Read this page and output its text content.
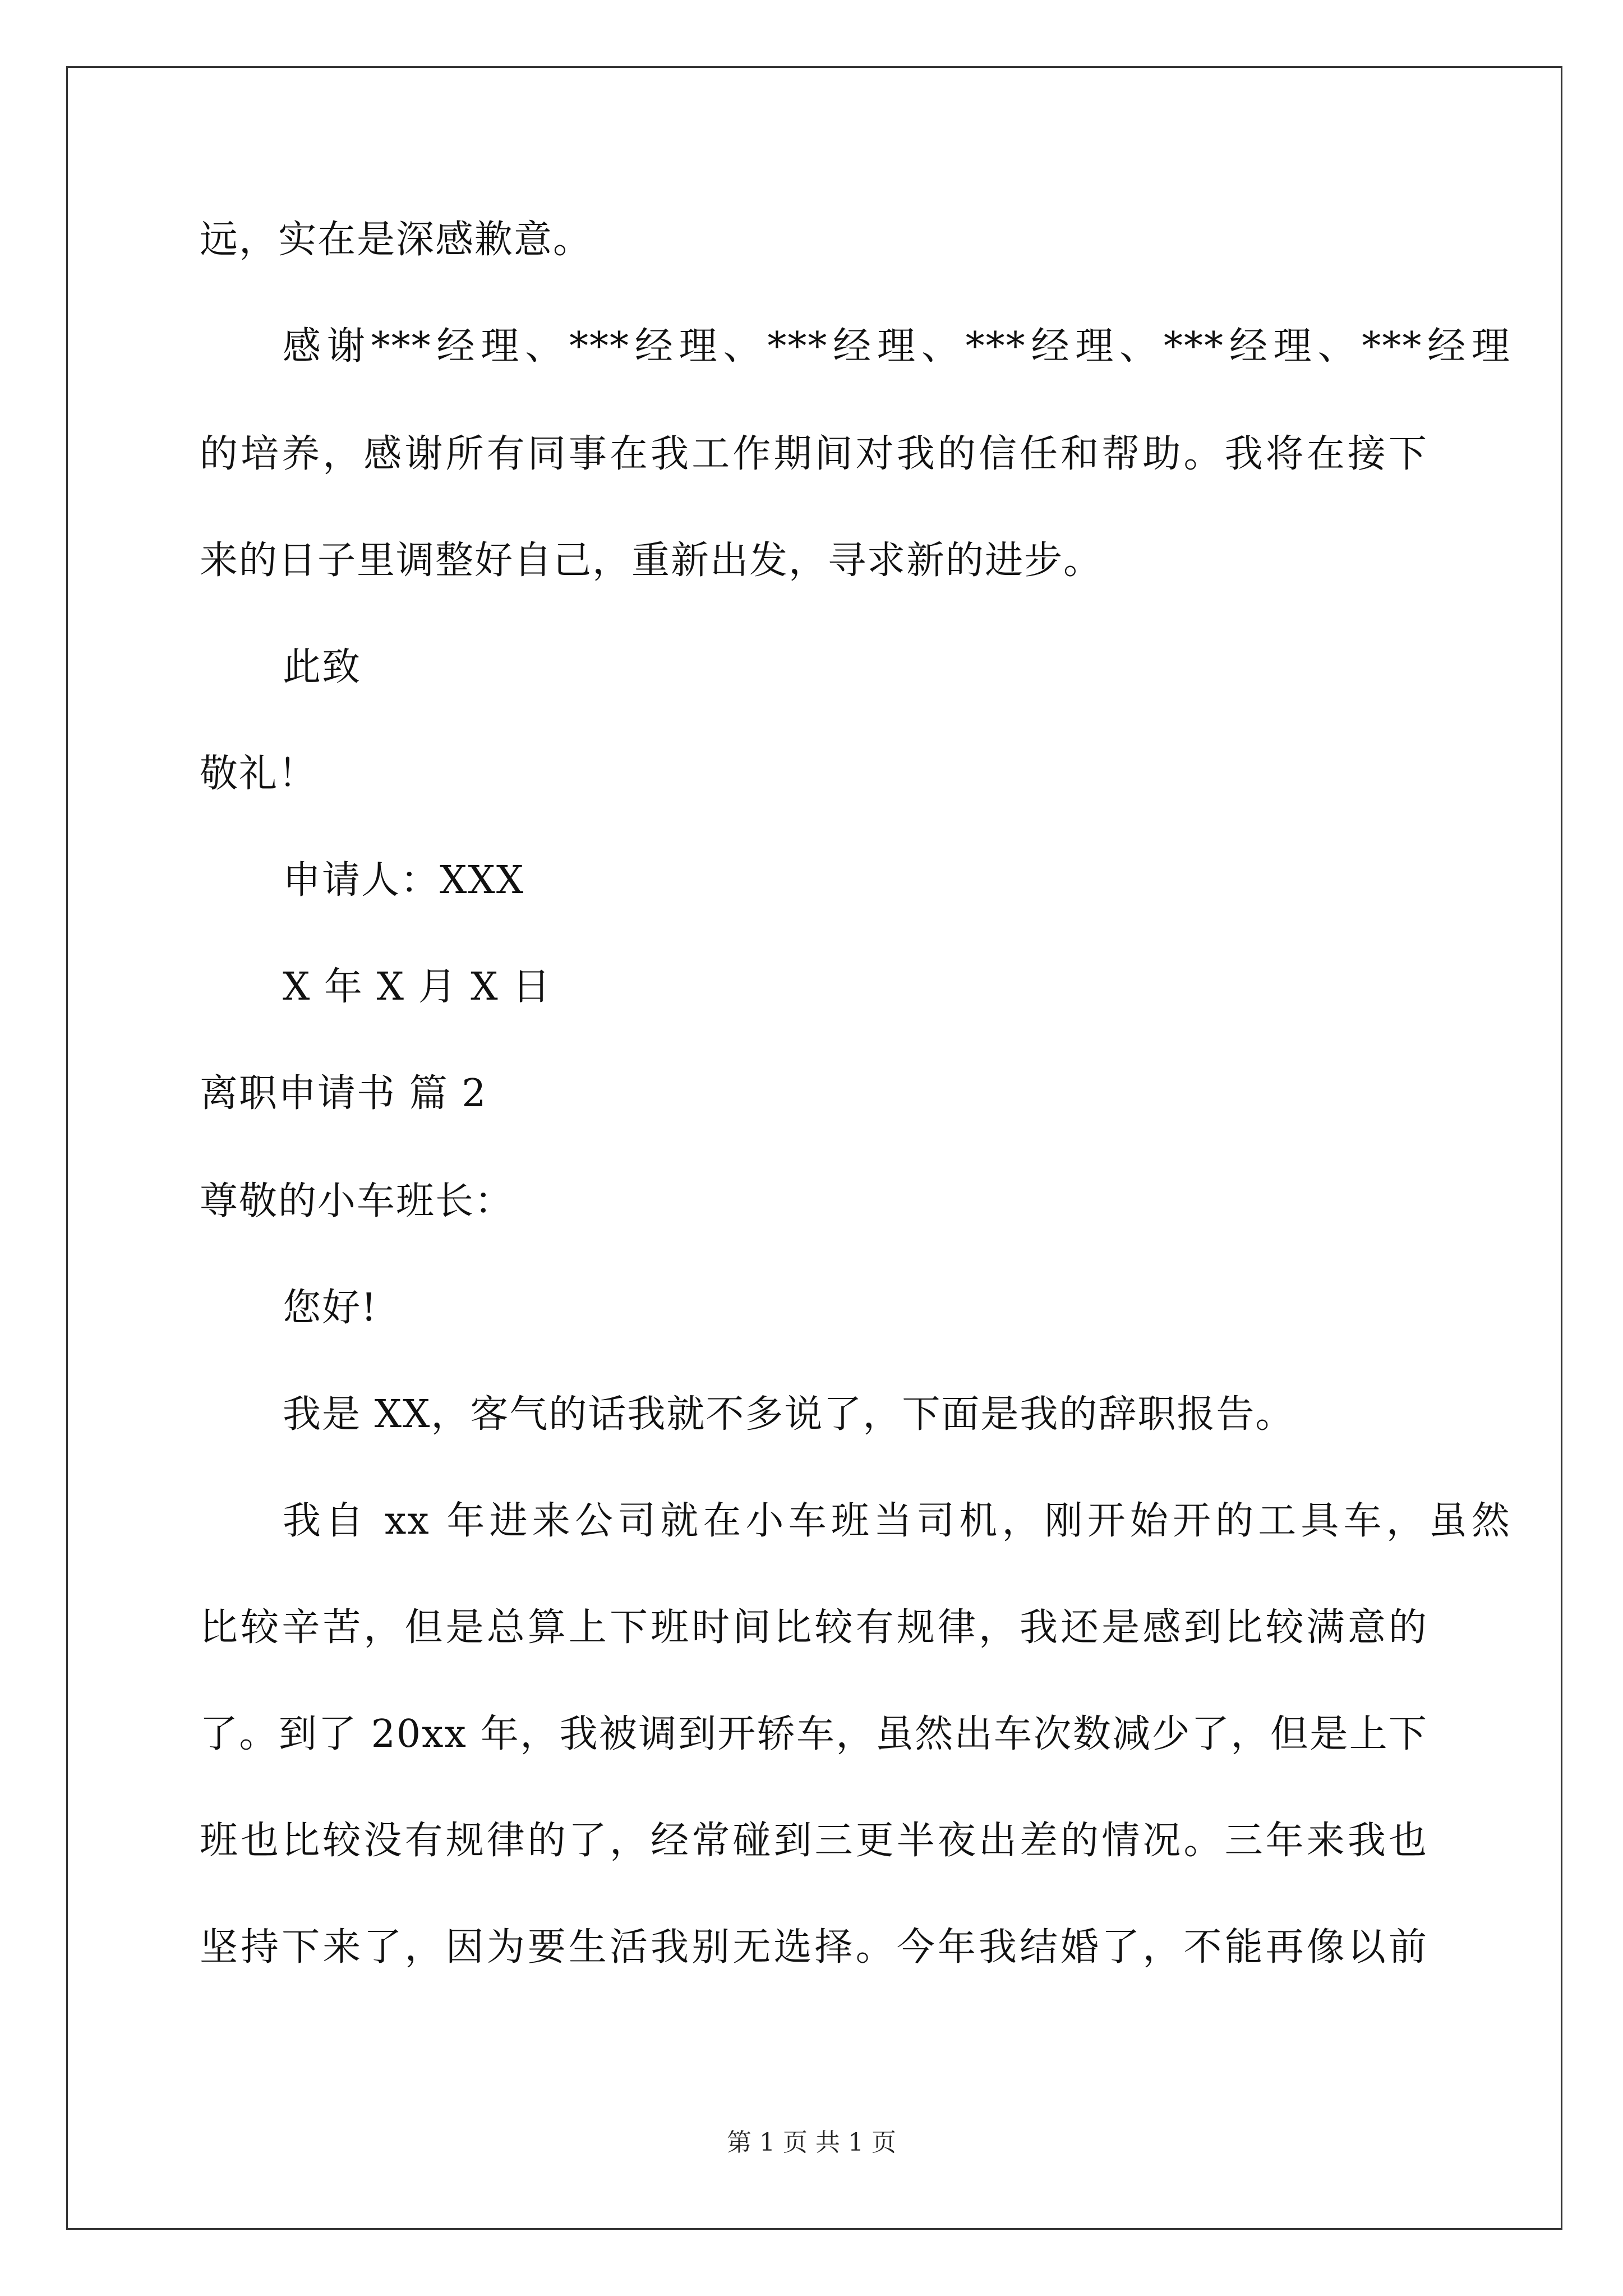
远，实在是深感歉意。
感谢***经理、***经理、***经理、***经理、***经理、***经理
的培养，感谢所有同事在我工作期间对我的信任和帮助。我将在接下
来的日子里调整好自己，重新出发，寻求新的进步。
此致
敬礼！
申请人：XXX
X 年 X 月 X 日
离职申请书 篇 2
尊敬的小车班长：
您好!
我是 XX，客气的话我就不多说了，下面是我的辞职报告。
我自 xx 年进来公司就在小车班当司机，刚开始开的工具车，虽然
比较辛苦，但是总算上下班时间比较有规律，我还是感到比较满意的
了。到了 20xx 年，我被调到开轿车，虽然出车次数减少了，但是上下
班也比较没有规律的了，经常碰到三更半夜出差的情况。三年来我也
坚持下来了，因为要生活我别无选择。今年我结婚了，不能再像以前
第 1 页 共 1 页
